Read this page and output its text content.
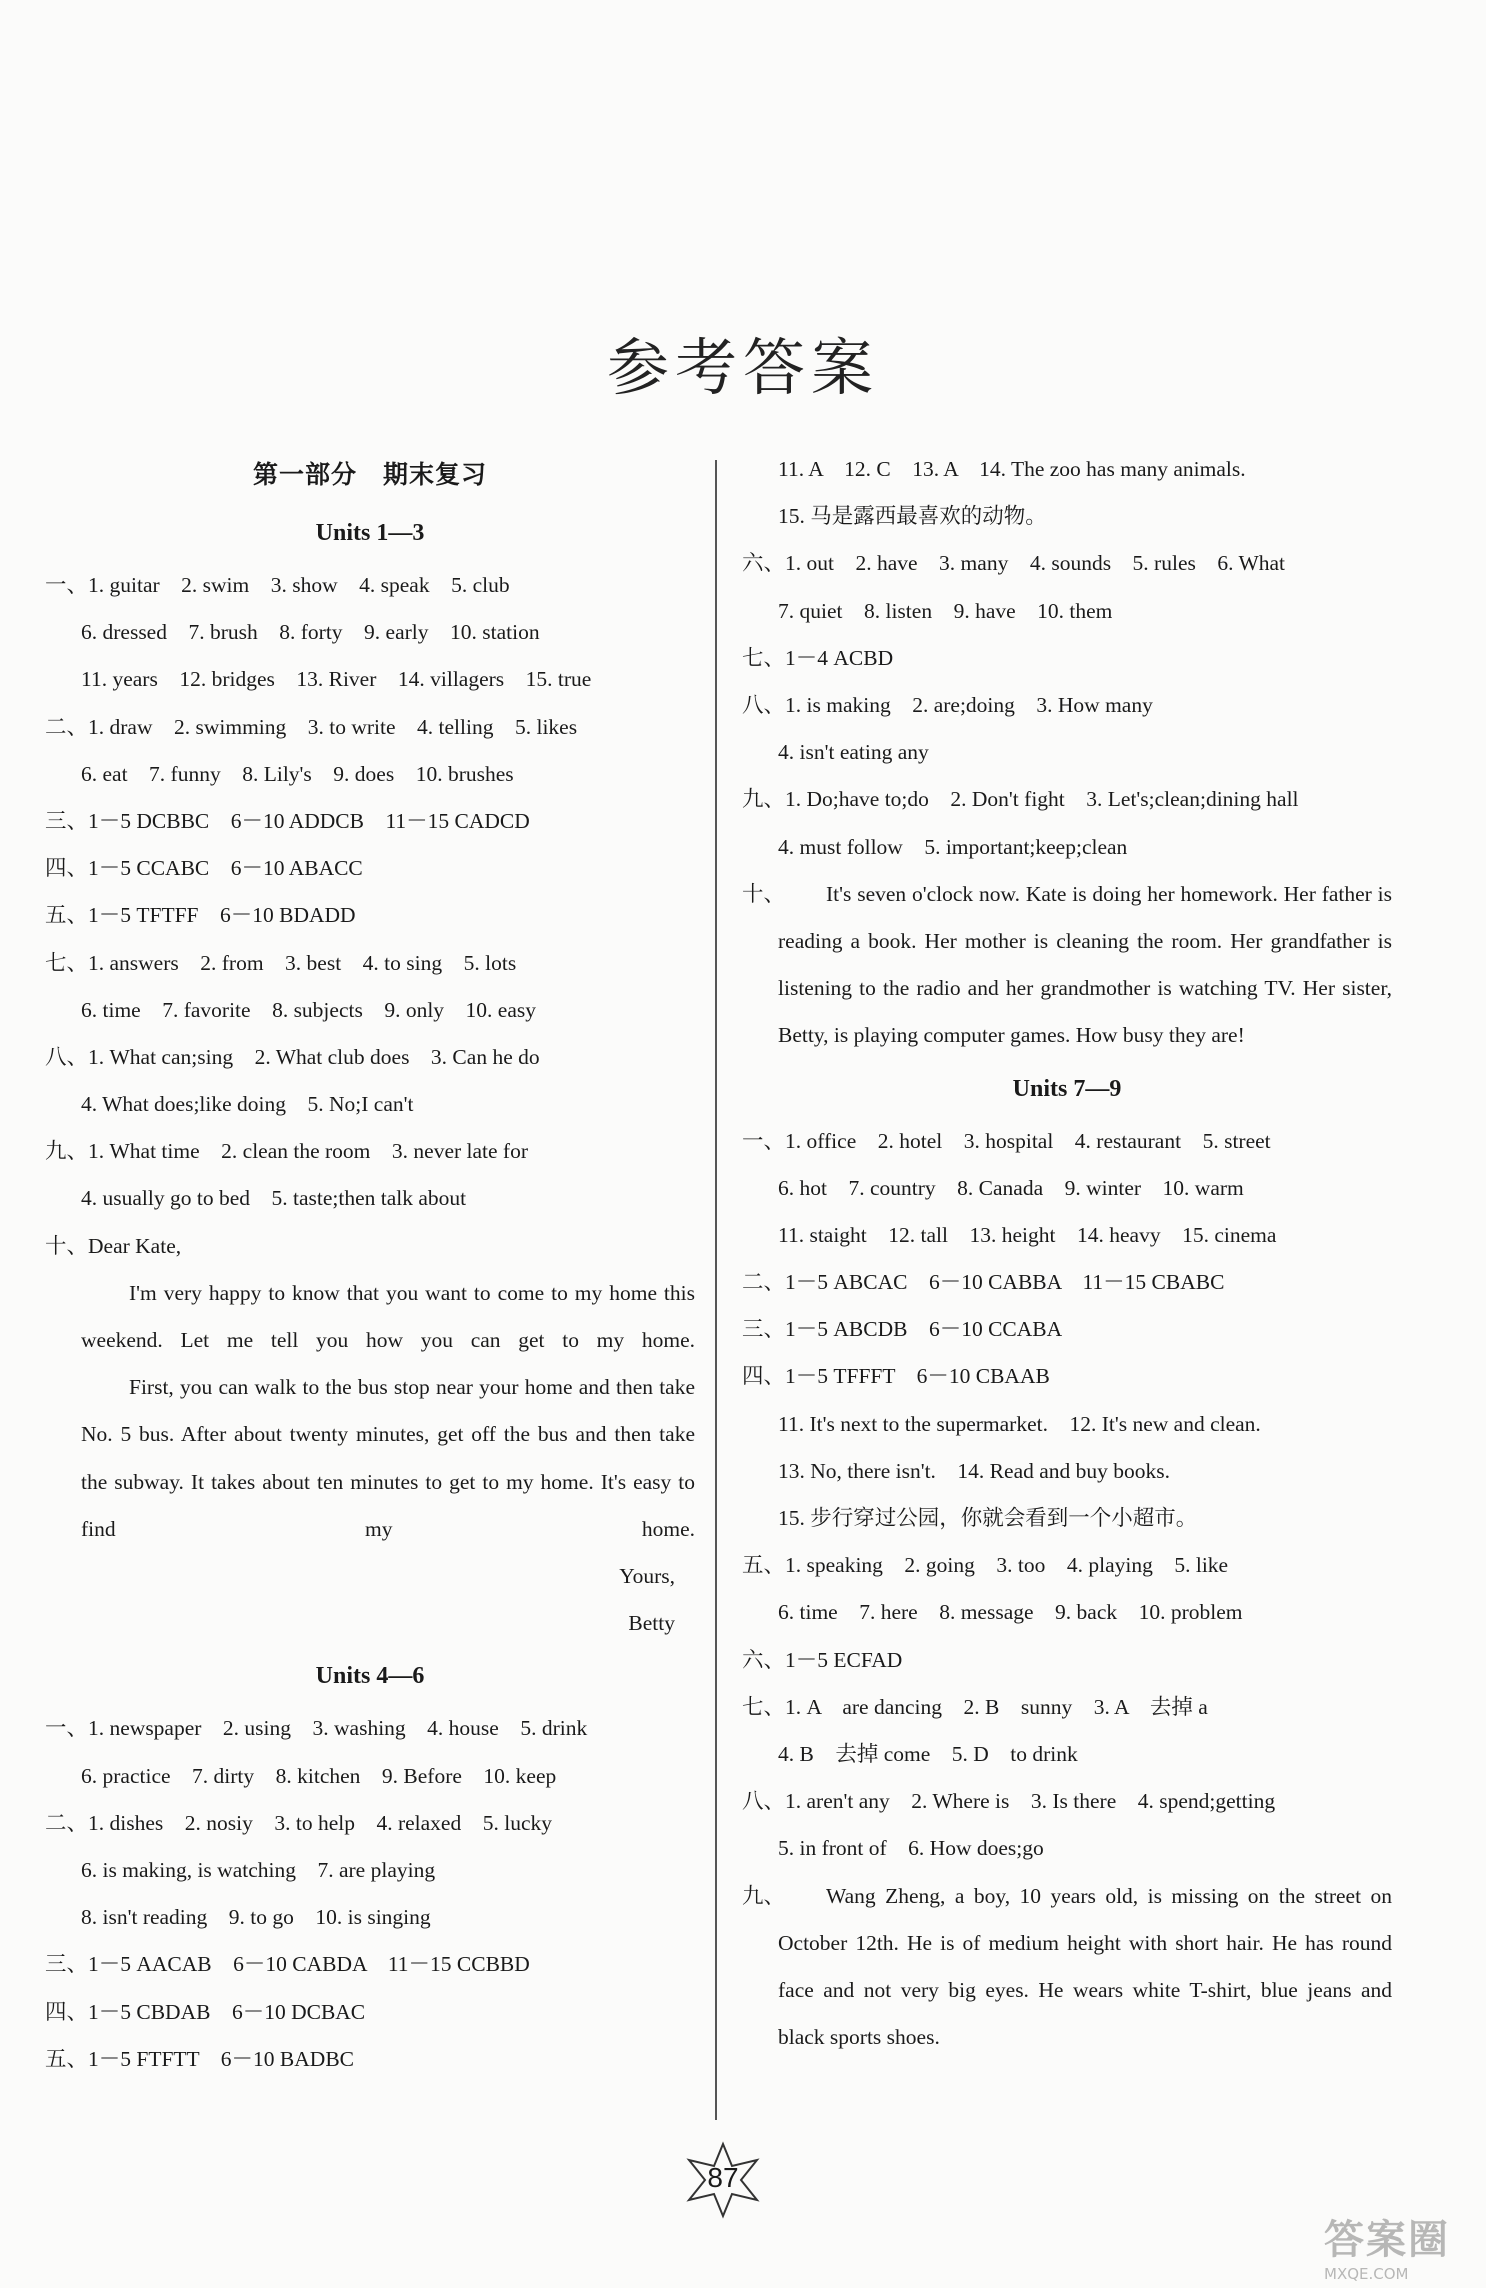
参考答案
第一部分　期末复习
Units 1—3
一、1. guitar　2. swim　3. show　4. speak　5. club
6. dressed　7. brush　8. forty　9. early　10. station
11. years　12. bridges　13. River　14. villagers　15. true
二、1. draw　2. swimming　3. to write　4. telling　5. likes
6. eat　7. funny　8. Lily's　9. does　10. brushes
三、1－5 DCBBC　6－10 ADDCB　11－15 CADCD
四、1－5 CCABC　6－10 ABACC
五、1－5 TFTFF　6－10 BDADD
七、1. answers　2. from　3. best　4. to sing　5. lots
6. time　7. favorite　8. subjects　9. only　10. easy
八、1. What can;sing　2. What club does　3. Can he do
4. What does;like doing　5. No;I can't
九、1. What time　2. clean the room　3. never late for
4. usually go to bed　5. taste;then talk about
十、Dear Kate,
I'm very happy to know that you want to come to my home this weekend. Let me tell you how you can get to my home.
First, you can walk to the bus stop near your home and then take No. 5 bus. After about twenty minutes, get off the bus and then take the subway. It takes about ten minutes to get to my home. It's easy to find my home.
Yours,
Betty
Units 4—6
一、1. newspaper　2. using　3. washing　4. house　5. drink
6. practice　7. dirty　8. kitchen　9. Before　10. keep
二、1. dishes　2. nosiy　3. to help　4. relaxed　5. lucky
6. is making, is watching　7. are playing
8. isn't reading　9. to go　10. is singing
三、1－5 AACAB　6－10 CABDA　11－15 CCBBD
四、1－5 CBDAB　6－10 DCBAC
五、1－5 FTFTT　6－10 BADBC
11. A　12. C　13. A　14. The zoo has many animals.
15. 马是露西最喜欢的动物。
六、1. out　2. have　3. many　4. sounds　5. rules　6. What
7. quiet　8. listen　9. have　10. them
七、1－4 ACBD
八、1. is making　2. are;doing　3. How many
4. isn't eating any
九、1. Do;have to;do　2. Don't fight　3. Let's;clean;dining hall
4. must follow　5. important;keep;clean
十、	It's seven o'clock now. Kate is doing her homework. Her father is reading a book. Her mother is cleaning the room. Her grandfather is listening to the radio and her grandmother is watching TV. Her sister, Betty, is playing computer games. How busy they are!
Units 7—9
一、1. office　2. hotel　3. hospital　4. restaurant　5. street
6. hot　7. country　8. Canada　9. winter　10. warm
11. staight　12. tall　13. height　14. heavy　15. cinema
二、1－5 ABCAC　6－10 CABBA　11－15 CBABC
三、1－5 ABCDB　6－10 CCABA
四、1－5 TFFFT　6－10 CBAAB
11. It's next to the supermarket.　12. It's new and clean.
13. No, there isn't.　14. Read and buy books.
15. 步行穿过公园，你就会看到一个小超市。
五、1. speaking　2. going　3. too　4. playing　5. like
6. time　7. here　8. message　9. back　10. problem
六、1－5 ECFAD
七、1. A　are dancing　2. B　sunny　3. A　去掉 a
4. B　去掉 come　5. D　to drink
八、1. aren't any　2. Where is　3. Is there　4. spend;getting
5. in front of　6. How does;go
九、	Wang Zheng, a boy, 10 years old, is missing on the street on October 12th. He is of medium height with short hair. He has round face and not very big eyes. He wears white T-shirt, blue jeans and black sports shoes.
87
答案圈
MXQE.COM
